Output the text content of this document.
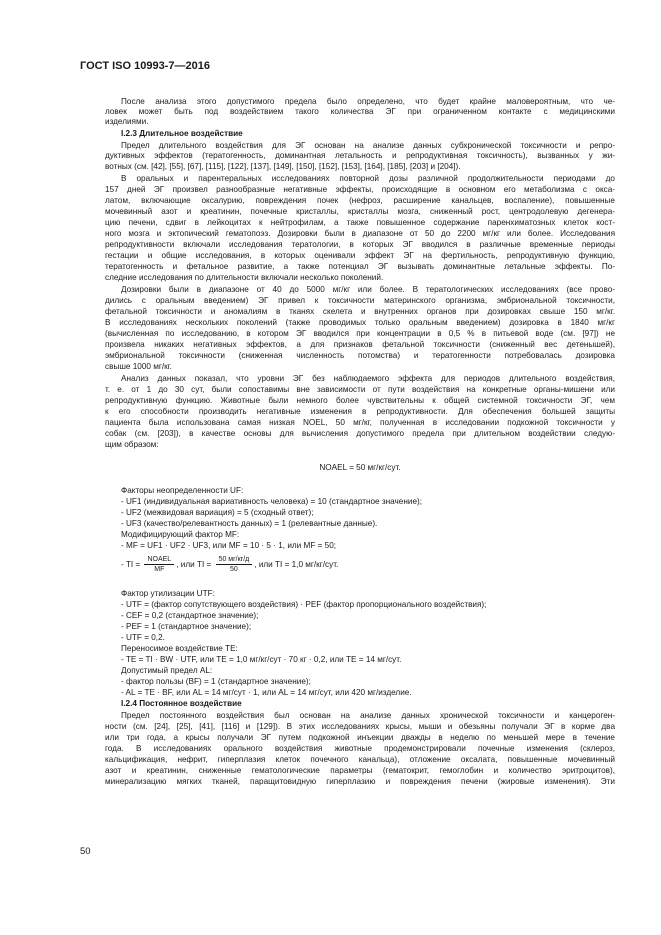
ГОСТ ISO 10993-7—2016
После анализа этого допустимого предела было определено, что будет крайне маловероятным, что че-
ловек может быть под воздействием такого количества ЭГ при ограниченном контакте с медицинскими
изделиями.
I.2.3 Длительное воздействие
Предел длительного воздействия для ЭГ основан на анализе данных субхронической токсичности и репро-
дуктивных эффектов (тератогенность, доминантная летальность и репродуктивная токсичность), вызванных у жи-
вотных (см. [42], [55], [67], [115], [122], [137], [149], [150], [152], [153], [164], [185], [203] и [204]).
В оральных и парентеральных исследованиях повторной дозы различной продолжительности периодами до
157 дней ЭГ произвел разнообразные негативные эффекты, происходящие в основном его метаболизма с окса-
латом, включающие оксалурию, повреждения почек (нефроз, расширение канальцев, воспаление), повышенные
мочевинный азот и креатинин, почечные кристаллы, кристаллы мозга, сниженный рост, центродолевую дегенера-
цию печени, сдвиг в лейкоцитах к нейтрофилам, а также повышенное содержание паренхиматозных клеток кост-
ного мозга и эктопический гематопоэз. Дозировки были в диапазоне от 50 до 2200 мг/кг или более. Исследования
репродуктивности включали исследования тератологии, в которых ЭГ вводился в различные временные периоды
гестации и общие исследования, в которых оценивали эффект ЭГ на фертильность, репродуктивную функцию,
тератогенность и фетальное развитие, а также потенциал ЭГ вызывать доминантные летальные эффекты. По-
следние исследования по длительности включали несколько поколений.
Дозировки были в диапазоне от 40 до 5000 мг/кг или более. В тератологических исследованиях (все прово-
дились с оральным введением) ЭГ привел к токсичности материнского организма, эмбриональной токсичности,
фетальной токсичности и аномалиям в тканях скелета и внутренних органов при дозировках свыше 150 мг/кг.
В исследованиях нескольких поколений (также проводимых только оральным введением) дозировка в 1840 мг/кг
(вычисленная по исследованию, в котором ЭГ вводился при концентрации в 0,5 % в питьевой воде (см. [97]) не
произвела никаких негативных эффектов, а для признаков фетальной токсичности (сниженный вес детенышей),
эмбриональной токсичности (сниженная численность потомства) и тератогенности потребовалась дозировка
свыше 1000 мг/кг.
Анализ данных показал, что уровни ЭГ без наблюдаемого эффекта для периодов длительного воздействия,
т. е. от 1 до 30 сут, были сопоставимы вне зависимости от пути воздействия на конкретные органы-мишени или
репродуктивную функцию. Животные были немного более чувствительны к общей системной токсичности ЭГ, чем
к его способности производить негативные изменения в репродуктивности. Для обеспечения большей защиты
пациента была использована самая низкая NOEL, 50 мг/кг, полученная в исследовании подкожной токсичности у
собак (см. [203]), в качестве основы для вычисления допустимого предела при длительном воздействии следую-
щим образом:
NOAEL = 50 мг/кг/сут.
Факторы неопределенности UF:
- UF1 (индивидуальная вариативность человека) = 10 (стандартное значение);
- UF2 (межвидовая вариация) = 5 (сходный ответ);
- UF3 (качество/релевантность данных) = 1 (релевантные данные).
Модифицирующий фактор MF:
- MF = UF1 · UF2 · UF3, или MF = 10 · 5 · 1, или MF = 50;
- TI = $\frac{\text{NOAEL}}{MF}$ , или TI = $\frac{50 мг/кг/д}{50}$ , или TI = 1,0 мг/кг/сут.
Фактор утилизации UTF:
- UTF = (фактор сопутствующего воздействия) · PEF (фактор пропорционального воздействия);
- CEF = 0,2 (стандартное значение);
- PEF = 1 (стандартное значение);
- UTF = 0,2.
Переносимое воздействие TE:
- TE = TI · BW · UTF, или TE = 1,0 мг/кг/сут · 70 кг · 0,2, или TE = 14 мг/сут.
Допустимый предел AL:
- фактор пользы (BF) = 1 (стандартное значение);
- AL = TE · BF, или AL = 14 мг/сут · 1, или AL = 14 мг/сут, или 420 мг/изделие.
I.2.4 Постоянное воздействие
Предел постоянного воздействия был основан на анализе данных хронической токсичности и канцероген-
ности (см. [24], [25], [41], [116] и [129]). В этих исследованиях крысы, мыши и обезьяны получали ЭГ в корме два
или три года, а крысы получали ЭГ путем подкожной инъекции дважды в неделю по меньшей мере в течение
года. В исследованиях орального воздействия животные продемонстрировали почечные изменения (склероз,
кальцификация, нефрит, гиперплазия клеток почечного канальца), отложение оксалата, повышенные мочевинный
азот и креатинин, сниженные гематологические параметры (гематокрит, гемоглобин и количество эритроцитов),
минерализацию мягких тканей, паращитовидную гиперплазию и повреждения печени (жировые изменения). Эти
50
